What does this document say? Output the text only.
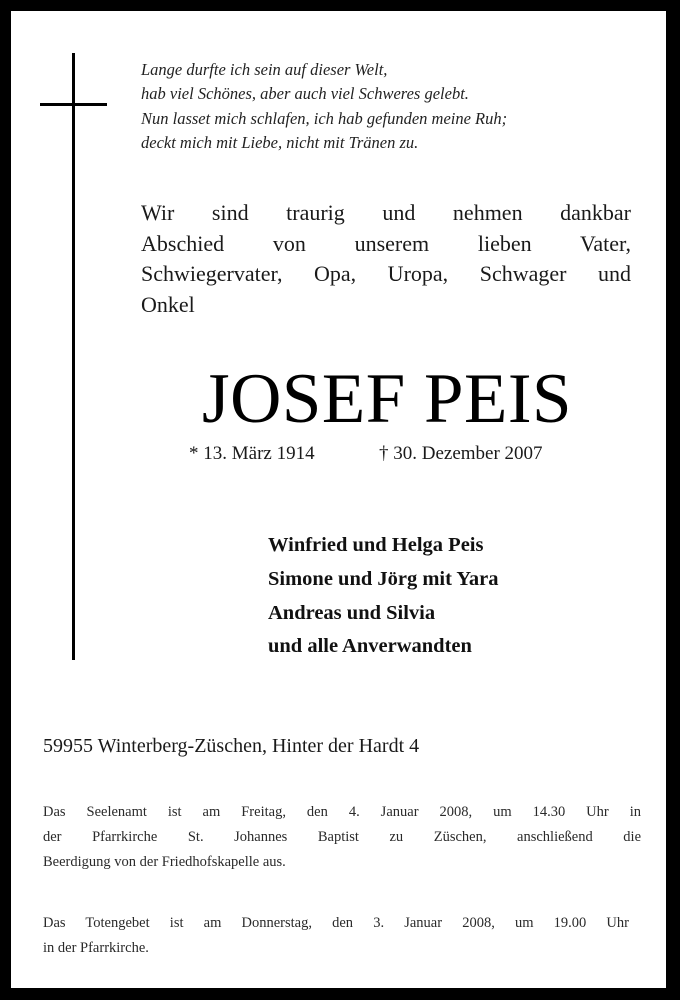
Lange durfte ich sein auf dieser Welt,
hab viel Schönes, aber auch viel Schweres gelebt.
Nun lasset mich schlafen, ich hab gefunden meine Ruh;
deckt mich mit Liebe, nicht mit Tränen zu.
Wir sind traurig und nehmen dankbar
Abschied von unserem lieben Vater,
Schwiegervater, Opa, Uropa, Schwager und
Onkel
JOSEF PEIS
* 13. März 1914	† 30. Dezember 2007
Winfried und Helga Peis
Simone und Jörg mit Yara
Andreas und Silvia
und alle Anverwandten
59955 Winterberg-Züschen, Hinter der Hardt 4
Das Seelenamt ist am Freitag, den 4. Januar 2008, um 14.30 Uhr in
der Pfarrkirche St. Johannes Baptist zu Züschen, anschließend die
Beerdigung von der Friedhofskapelle aus.
Das Totengebet ist am Donnerstag, den 3. Januar 2008, um 19.00 Uhr
in der Pfarrkirche.
